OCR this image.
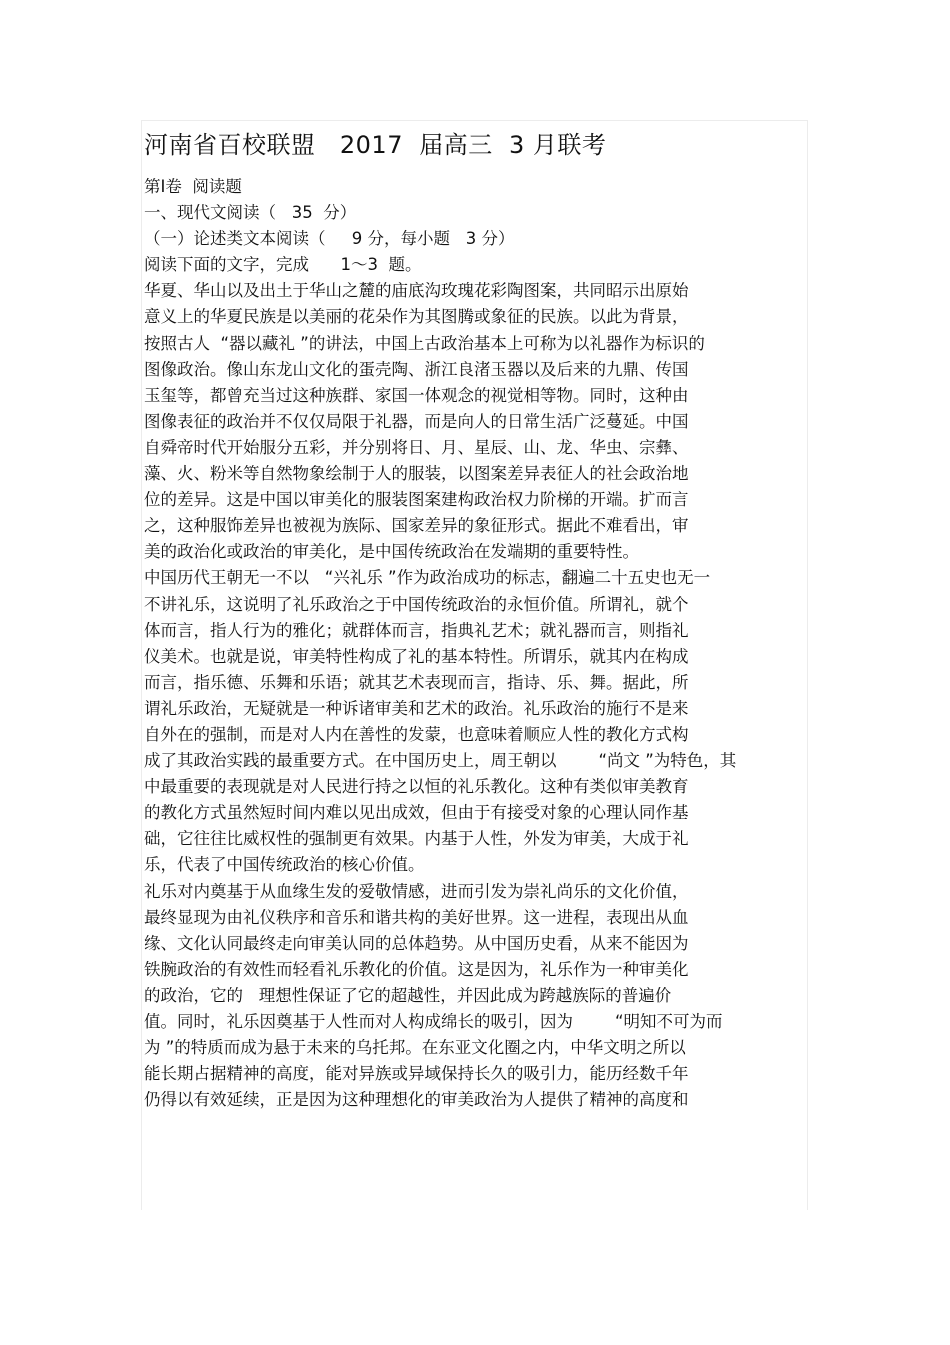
河南省百校联盟   2017  届高三  3 月联考
第Ⅰ卷  阅读题
一、现代文阅读（   35  分）
（一）论述类文本阅读（     9 分，每小题   3 分）
阅读下面的文字，完成      1～3  题。
华夏、华山以及出土于华山之麓的庙底沟玫瑰花彩陶图案，共同昭示出原始
意义上的华夏民族是以美丽的花朵作为其图腾或象征的民族。以此为背景，
按照古人  “器以藏礼 ”的讲法，中国上古政治基本上可称为以礼器作为标识的
图像政治。像山东龙山文化的蛋壳陶、浙江良渚玉器以及后来的九鼎、传国
玉玺等，都曾充当过这种族群、家国一体观念的视觉相等物。同时，这种由
图像表征的政治并不仅仅局限于礼器，而是向人的日常生活广泛蔓延。中国
自舜帝时代开始服分五彩，并分别将日、月、星辰、山、龙、华虫、宗彝、
藻、火、粉米等自然物象绘制于人的服装，以图案差异表征人的社会政治地
位的差异。这是中国以审美化的服装图案建构政治权力阶梯的开端。扩而言
之，这种服饰差异也被视为族际、国家差异的象征形式。据此不难看出，审
美的政治化或政治的审美化，是中国传统政治在发端期的重要特性。
中国历代王朝无一不以   “兴礼乐 ”作为政治成功的标志，翻遍二十五史也无一
不讲礼乐，这说明了礼乐政治之于中国传统政治的永恒价值。所谓礼，就个
体而言，指人行为的雅化；就群体而言，指典礼艺术；就礼器而言，则指礼
仪美术。也就是说，审美特性构成了礼的基本特性。所谓乐，就其内在构成
而言，指乐德、乐舞和乐语；就其艺术表现而言，指诗、乐、舞。据此，所
谓礼乐政治，无疑就是一种诉诸审美和艺术的政治。礼乐政治的施行不是来
自外在的强制，而是对人内在善性的发蒙，也意味着顺应人性的教化方式构
成了其政治实践的最重要方式。在中国历史上，周王朝以        “尚文 ”为特色，其
中最重要的表现就是对人民进行持之以恒的礼乐教化。这种有类似审美教育
的教化方式虽然短时间内难以见出成效，但由于有接受对象的心理认同作基
础，它往往比威权性的强制更有效果。内基于人性，外发为审美，大成于礼
乐，代表了中国传统政治的核心价值。
礼乐对内奠基于从血缘生发的爱敬情感，进而引发为崇礼尚乐的文化价值，
最终显现为由礼仪秩序和音乐和谐共构的美好世界。这一进程，表现出从血
缘、文化认同最终走向审美认同的总体趋势。从中国历史看，从来不能因为
铁腕政治的有效性而轻看礼乐教化的价值。这是因为，礼乐作为一种审美化
的政治，它的   理想性保证了它的超越性，并因此成为跨越族际的普遍价
值。同时，礼乐因奠基于人性而对人构成绵长的吸引，因为        “明知不可为而
为 ”的特质而成为悬于未来的乌托邦。在东亚文化圈之内，中华文明之所以
能长期占据精神的高度，能对异族或异域保持长久的吸引力，能历经数千年
仍得以有效延续，正是因为这种理想化的审美政治为人提供了精神的高度和
